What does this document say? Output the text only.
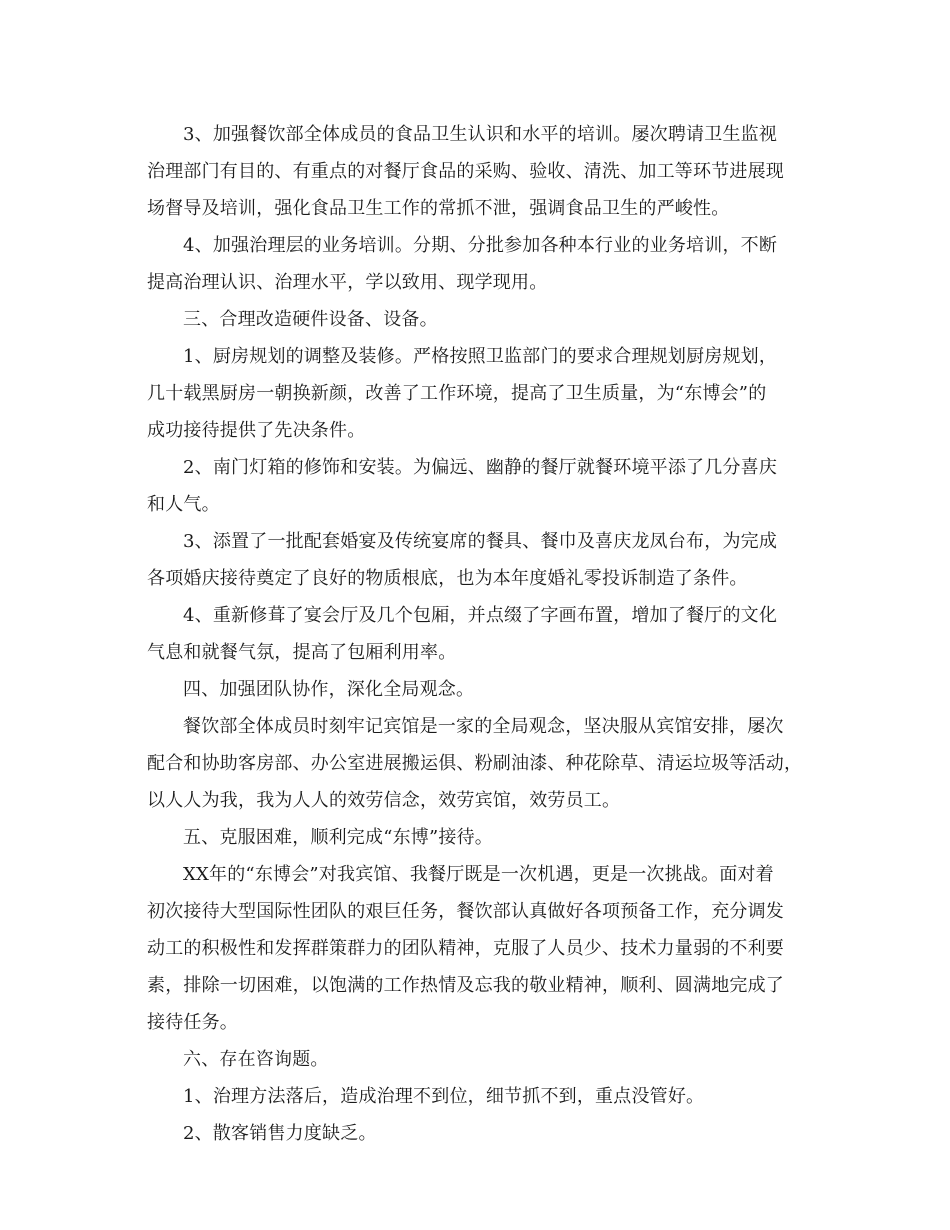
3、加强餐饮部全体成员的食品卫生认识和水平的培训。屡次聘请卫生监视
治理部门有目的、有重点的对餐厅食品的采购、验收、清洗、加工等环节进展现
场督导及培训，强化食品卫生工作的常抓不泄，强调食品卫生的严峻性。
4、加强治理层的业务培训。分期、分批参加各种本行业的业务培训，不断
提高治理认识、治理水平，学以致用、现学现用。
三、合理改造硬件设备、设备。
1、厨房规划的调整及装修。严格按照卫监部门的要求合理规划厨房规划，
几十载黑厨房一朝换新颜，改善了工作环境，提高了卫生质量，为“东博会”的
成功接待提供了先决条件。
2、南门灯箱的修饰和安装。为偏远、幽静的餐厅就餐环境平添了几分喜庆
和人气。
3、添置了一批配套婚宴及传统宴席的餐具、餐巾及喜庆龙凤台布，为完成
各项婚庆接待奠定了良好的物质根底，也为本年度婚礼零投诉制造了条件。
4、重新修葺了宴会厅及几个包厢，并点缀了字画布置，增加了餐厅的文化
气息和就餐气氛，提高了包厢利用率。
四、加强团队协作，深化全局观念。
餐饮部全体成员时刻牢记宾馆是一家的全局观念，坚决服从宾馆安排，屡次
配合和协助客房部、办公室进展搬运俱、粉刷油漆、种花除草、清运垃圾等活动，
以人人为我，我为人人的效劳信念，效劳宾馆，效劳员工。
五、克服困难，顺利完成“东博”接待。
XX年的“东博会”对我宾馆、我餐厅既是一次机遇，更是一次挑战。面对着
初次接待大型国际性团队的艰巨任务，餐饮部认真做好各项预备工作，充分调发
动工的积极性和发挥群策群力的团队精神，克服了人员少、技术力量弱的不利要
素，排除一切困难，以饱满的工作热情及忘我的敬业精神，顺利、圆满地完成了
接待任务。
六、存在咨询题。
1、治理方法落后，造成治理不到位，细节抓不到，重点没管好。
2、散客销售力度缺乏。
